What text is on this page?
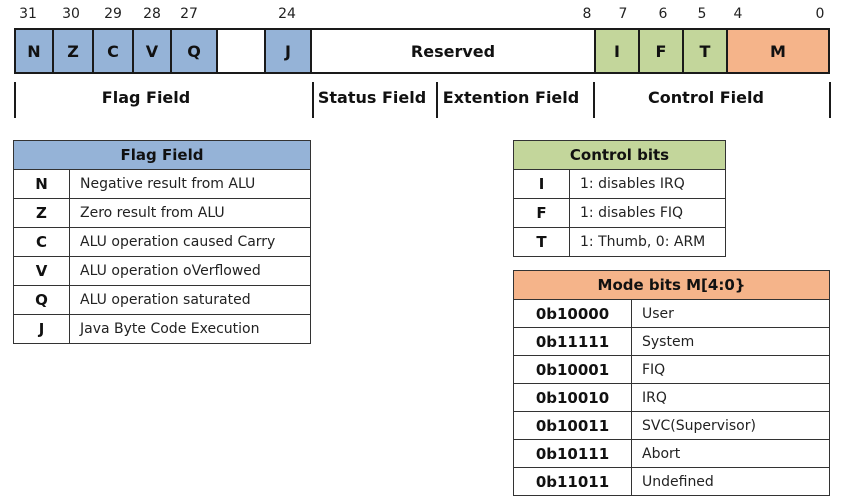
31 30 29 28 27	24	8 7 6 5 4	0
N	Z	C	V	Q	J	Reserved	I	F	T	M
Flag Field	Status Field Extention Field	Control Field
Flag Field	
N	Negative result from ALU
Z	Zero result from ALU
C	ALU operation caused Carry
V	ALU operation oVerflowed
Q	ALU operation saturated
J	Java Byte Code Execution
Control bits	
I	1: disables IRQ
F	1: disables FIQ
T	1: Thumb, 0: ARM
Mode bits M[4:0}	
0b10000	User
0b11111	System
0b10001	FIQ
0b10010	IRQ
0b10011	SVC(Supervisor)
0b10111	Abort
0b11011	Undefined
